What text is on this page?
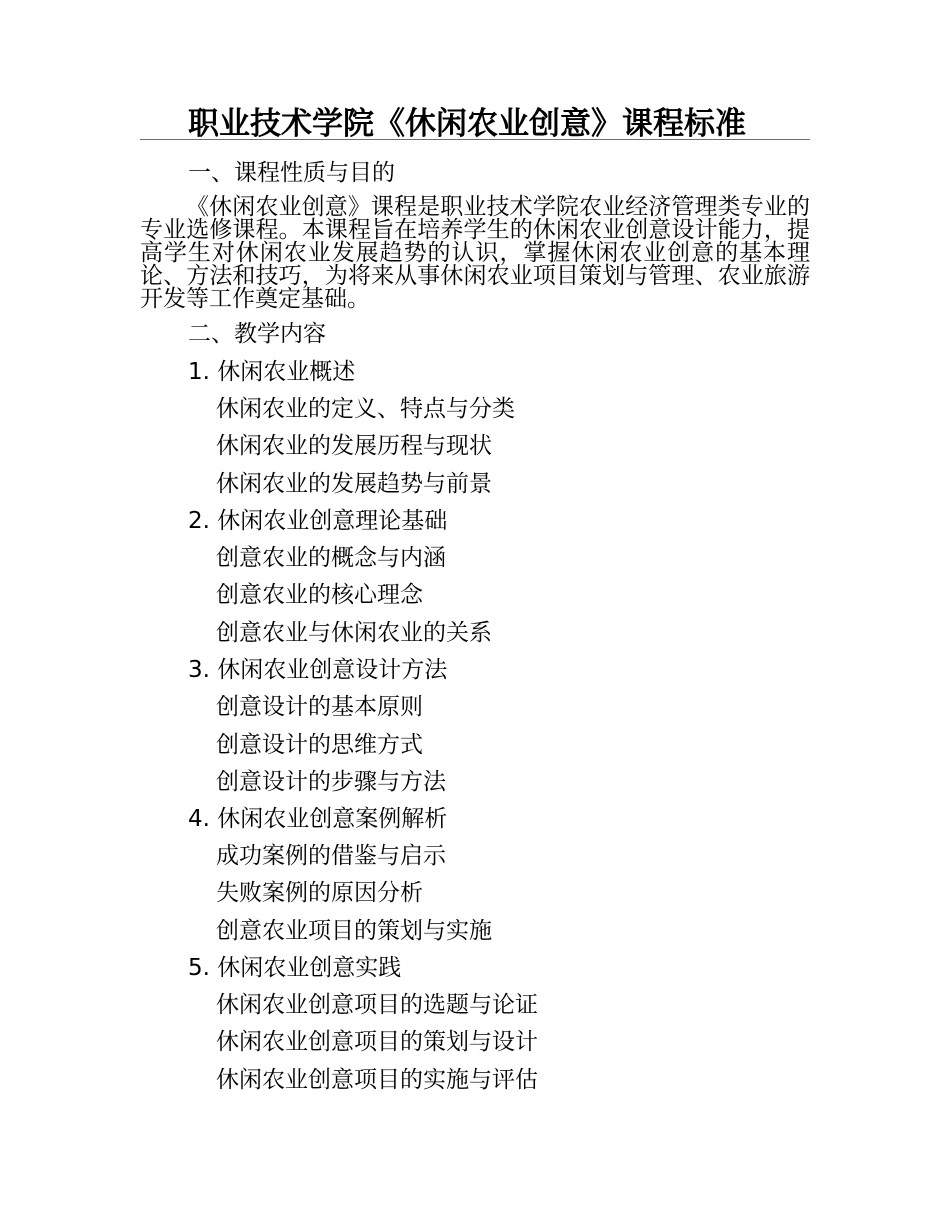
职业技术学院《休闲农业创意》课程标准
一、课程性质与目的
《休闲农业创意》课程是职业技术学院农业经济管理类专业的专业选修课程。本课程旨在培养学生的休闲农业创意设计能力，提高学生对休闲农业发展趋势的认识，掌握休闲农业创意的基本理论、方法和技巧，为将来从事休闲农业项目策划与管理、农业旅游开发等工作奠定基础。
二、教学内容
1. 休闲农业概述
休闲农业的定义、特点与分类
休闲农业的发展历程与现状
休闲农业的发展趋势与前景
2. 休闲农业创意理论基础
创意农业的概念与内涵
创意农业的核心理念
创意农业与休闲农业的关系
3. 休闲农业创意设计方法
创意设计的基本原则
创意设计的思维方式
创意设计的步骤与方法
4. 休闲农业创意案例解析
成功案例的借鉴与启示
失败案例的原因分析
创意农业项目的策划与实施
5. 休闲农业创意实践
休闲农业创意项目的选题与论证
休闲农业创意项目的策划与设计
休闲农业创意项目的实施与评估
